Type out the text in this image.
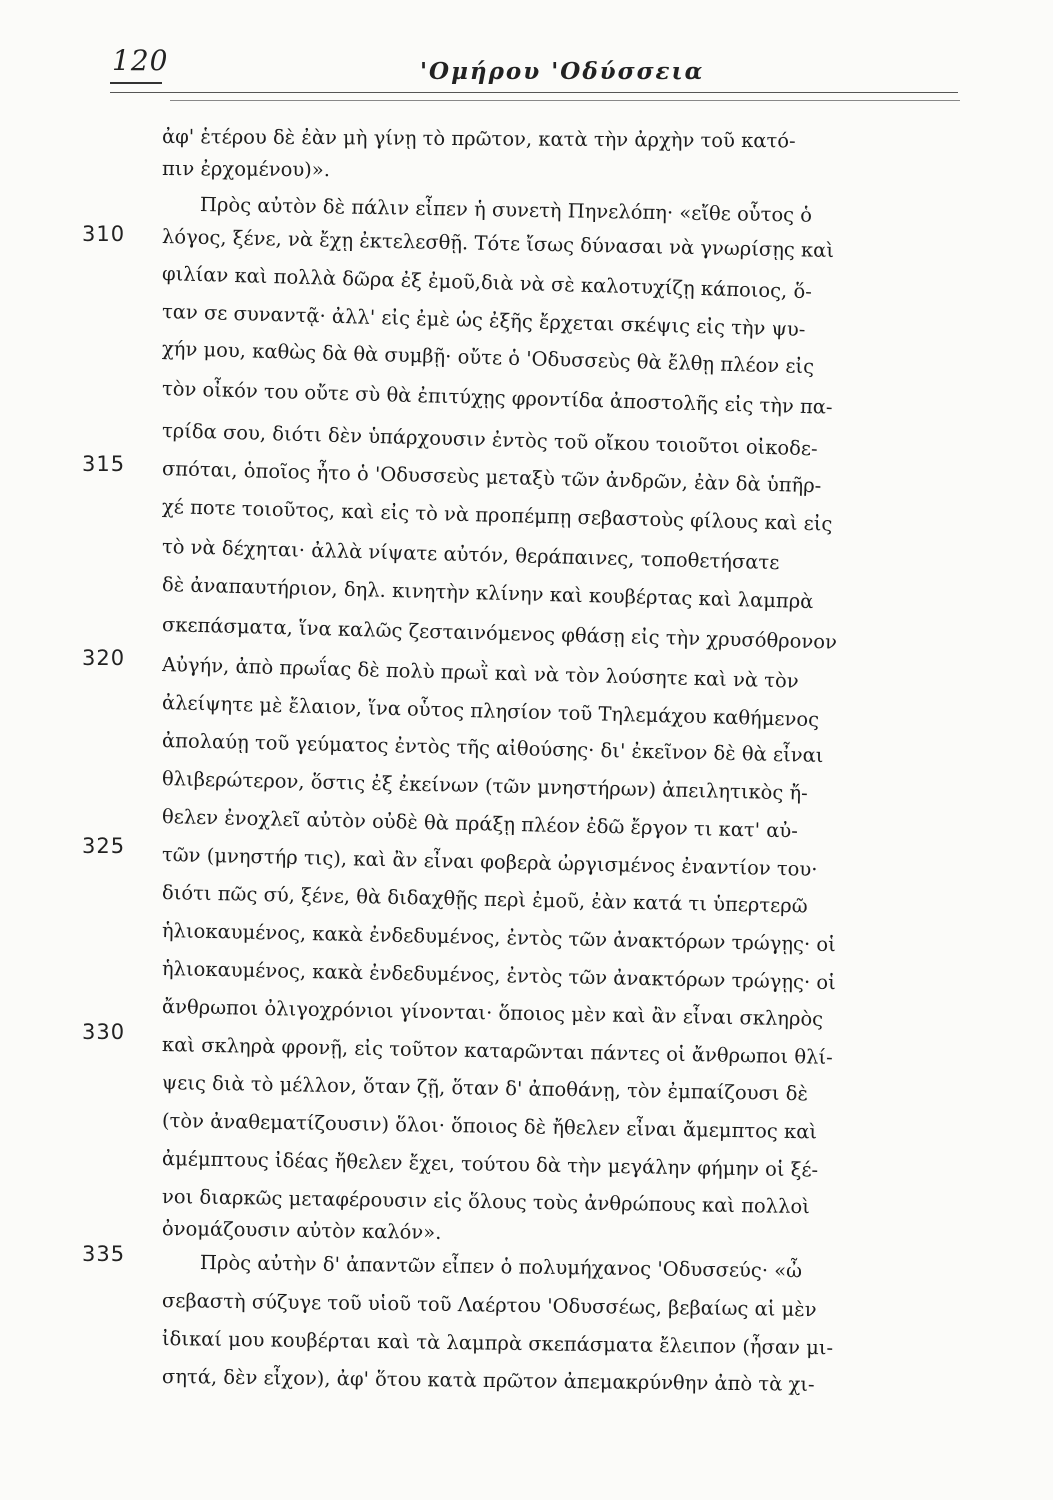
120	'Ομήρου 'Οδύσσεια
310
315
320
325
330
335
ἀφ' ἑτέρου δὲ ἐὰν μὴ γίνῃ τὸ πρῶτον, κατὰ τὴν ἀρχὴν τοῦ κατό-
πιν ἐρχομένου)».
Πρὸς αὐτὸν δὲ πάλιν εἶπεν ἡ συνετὴ Πηνελόπη· «εἴθε οὗτος ὁ
λόγος, ξένε, νὰ ἔχῃ ἐκτελεσθῇ. Τότε ἴσως δύνασαι νὰ γνωρίσῃς καὶ
φιλίαν καὶ πολλὰ δῶρα ἐξ ἐμοῦ,διὰ νὰ σὲ καλοτυχίζῃ κάποιος, ὅ-
ταν σε συναντᾷ· ἀλλ' εἰς ἐμὲ ὡς ἐξῆς ἔρχεται σκέψις εἰς τὴν ψυ-
χήν μου, καθὼς δὰ θὰ συμβῇ· οὔτε ὁ 'Οδυσσεὺς θὰ ἔλθῃ πλέον εἰς
τὸν οἶκόν του οὔτε σὺ θὰ ἐπιτύχῃς φροντίδα ἀποστολῆς εἰς τὴν πα-
τρίδα σου, διότι δὲν ὑπάρχουσιν ἐντὸς τοῦ οἴκου τοιοῦτοι οἰκοδε-
σπόται, ὁποῖος ἦτο ὁ 'Οδυσσεὺς μεταξὺ τῶν ἀνδρῶν, ἐὰν δὰ ὑπῆρ-
χέ ποτε τοιοῦτος, καὶ εἰς τὸ νὰ προπέμπῃ σεβαστοὺς φίλους καὶ εἰς
τὸ νὰ δέχηται· ἀλλὰ νίψατε αὐτόν, θεράπαινες, τοποθετήσατε
δὲ ἀναπαυτήριον, δηλ. κινητὴν κλίνην καὶ κουβέρτας καὶ λαμπρὰ
σκεπάσματα, ἵνα καλῶς ζεσταινόμενος φθάσῃ εἰς τὴν χρυσόθρονον
Αὐγήν, ἀπὸ πρωΐας δὲ πολὺ πρωῒ καὶ νὰ τὸν λούσητε καὶ νὰ τὸν
ἀλείψητε μὲ ἔλαιον, ἵνα οὗτος πλησίον τοῦ Τηλεμάχου καθήμενος
ἀπολαύῃ τοῦ γεύματος ἐντὸς τῆς αἰθούσης· δι' ἐκεῖνον δὲ θὰ εἶναι
θλιβερώτερον, ὅστις ἐξ ἐκείνων (τῶν μνηστήρων) ἀπειλητικὸς ἤ-
θελεν ἐνοχλεῖ αὐτὸν οὐδὲ θὰ πράξῃ πλέον ἐδῶ ἔργον τι κατ' αὐ-
τῶν (μνηστήρ τις), καὶ ἂν εἶναι φοβερὰ ὠργισμένος ἐναντίον του·
διότι πῶς σύ, ξένε, θὰ διδαχθῇς περὶ ἐμοῦ, ἐὰν κατά τι ὑπερτερῶ
ἡλιοκαυμένος, κακὰ ἐνδεδυμένος, ἐντὸς τῶν ἀνακτόρων τρώγῃς· οἱ
ἡλιοκαυμένος, κακὰ ἐνδεδυμένος, ἐντὸς τῶν ἀνακτόρων τρώγῃς· οἱ
ἄνθρωποι ὀλιγοχρόνιοι γίνονται· ὅποιος μὲν καὶ ἂν εἶναι σκληρὸς
καὶ σκληρὰ φρονῇ, εἰς τοῦτον καταρῶνται πάντες οἱ ἄνθρωποι θλί-
ψεις διὰ τὸ μέλλον, ὅταν ζῇ, ὅταν δ' ἀποθάνῃ, τὸν ἐμπαίζουσι δὲ
(τὸν ἀναθεματίζουσιν) ὅλοι· ὅποιος δὲ ἤθελεν εἶναι ἄμεμπτος καὶ
ἀμέμπτους ἰδέας ἤθελεν ἔχει, τούτου δὰ τὴν μεγάλην φήμην οἱ ξέ-
νοι διαρκῶς μεταφέρουσιν εἰς ὅλους τοὺς ἀνθρώπους καὶ πολλοὶ
ὀνομάζουσιν αὐτὸν καλόν».
Πρὸς αὐτὴν δ' ἀπαντῶν εἶπεν ὁ πολυμήχανος 'Οδυσσεύς· «ὦ
σεβαστὴ σύζυγε τοῦ υἱοῦ τοῦ Λαέρτου 'Οδυσσέως, βεβαίως αἱ μὲν
ἰδικαί μου κουβέρται καὶ τὰ λαμπρὰ σκεπάσματα ἔλειπον (ἦσαν μι-
σητά, δὲν εἶχον), ἀφ' ὅτου κατὰ πρῶτον ἀπεμακρύνθην ἀπὸ τὰ χι-
